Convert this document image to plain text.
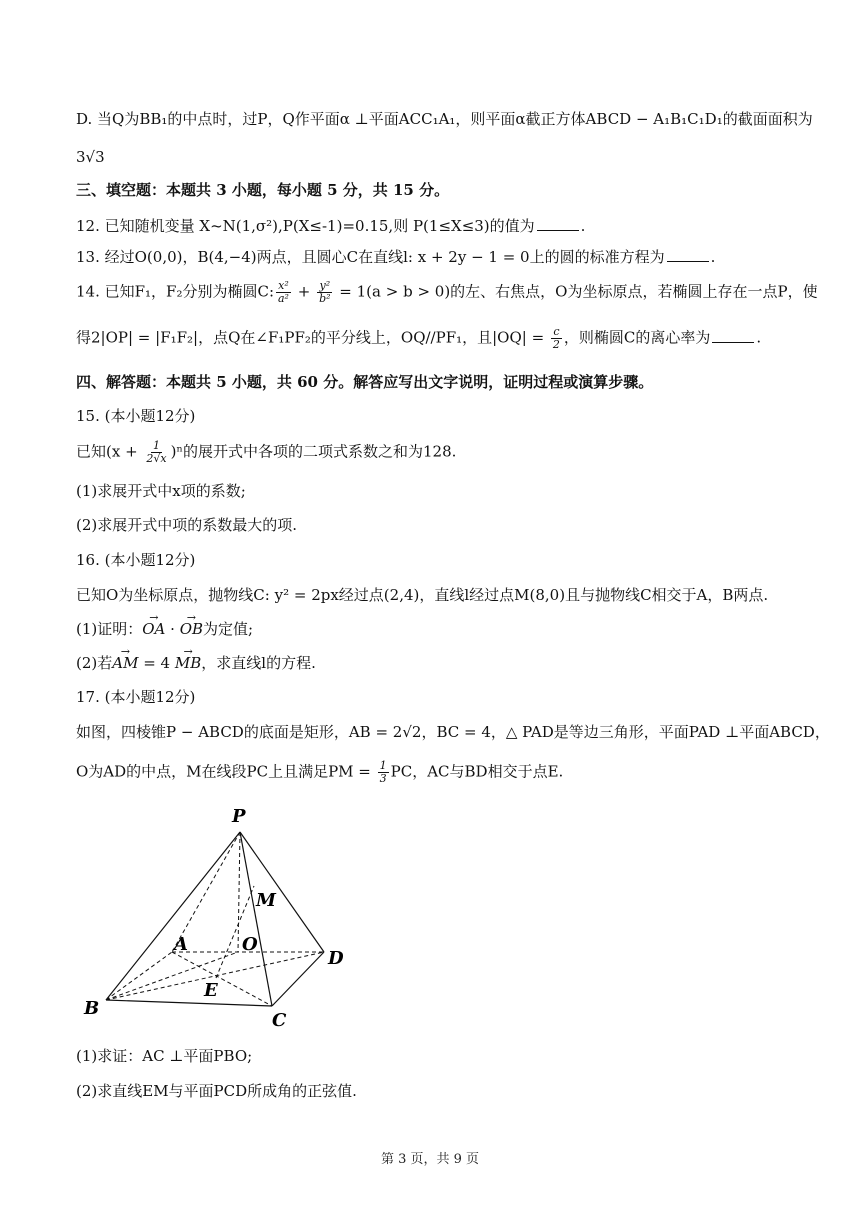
D. 当Q为BB₁的中点时，过P，Q作平面α ⊥平面ACC₁A₁，则平面α截正方体ABCD − A₁B₁C₁D₁的截面面积为
3√3
三、填空题：本题共 3 小题，每小题 5 分，共 15 分。
12. 已知随机变量 X~N(1,σ²),P(X≤-1)=0.15,则 P(1≤X≤3)的值为	.
13. 经过O(0,0)，B(4,−4)两点，且圆心C在直线l: x + 2y − 1 = 0上的圆的标准方程为	.
14. 已知F₁，F₂分别为椭圆C: $\frac{\text{x²}}{\text{a²}} + \frac{\text{y²}}{\text{b²}} = 1(a > b > 0)$的左、右焦点，O为坐标原点，若椭圆上存在一点P，使
得2|OP| = |F₁F₂|，点Q在∠F₁PF₂的平分线上，OQ//PF₁，且$|OQ| = \frac{c}{2}$ ，则椭圆C的离心率为	.
四、解答题：本题共 5 小题，共 60 分。解答应写出文字说明，证明过程或演算步骤。
15. (本小题12分)
已知$(x + \frac{1}{2√x} )^n$的展开式中各项的二项式系数之和为128.
(1)求展开式中x项的系数;
(2)求展开式中项的系数最大的项.
16. (本小题12分)
已知O为坐标原点，抛物线C: y² = 2px经过点(2,4)，直线l经过点M(8,0)且与抛物线C相交于A，B两点.
(1)证明：→ OA · → OB为定值;
(2)若→ AM = 4 → MB，求直线l的方程.
17. (本小题12分)
如图，四棱锥P − ABCD的底面是矩形，AB = 2√2，BC = 4，△ PAD是等边三角形，平面PAD ⊥平面ABCD，
O为AD的中点，M在线段PC上且满足PM = $\frac{1}{3}$ PC，AC与BD相交于点E.
P
M
A	O
D
E
B
C
(1)求证：AC ⊥平面PBO;
(2)求直线EM与平面PCD所成角的正弦值.
第 3 页，共 9 页
